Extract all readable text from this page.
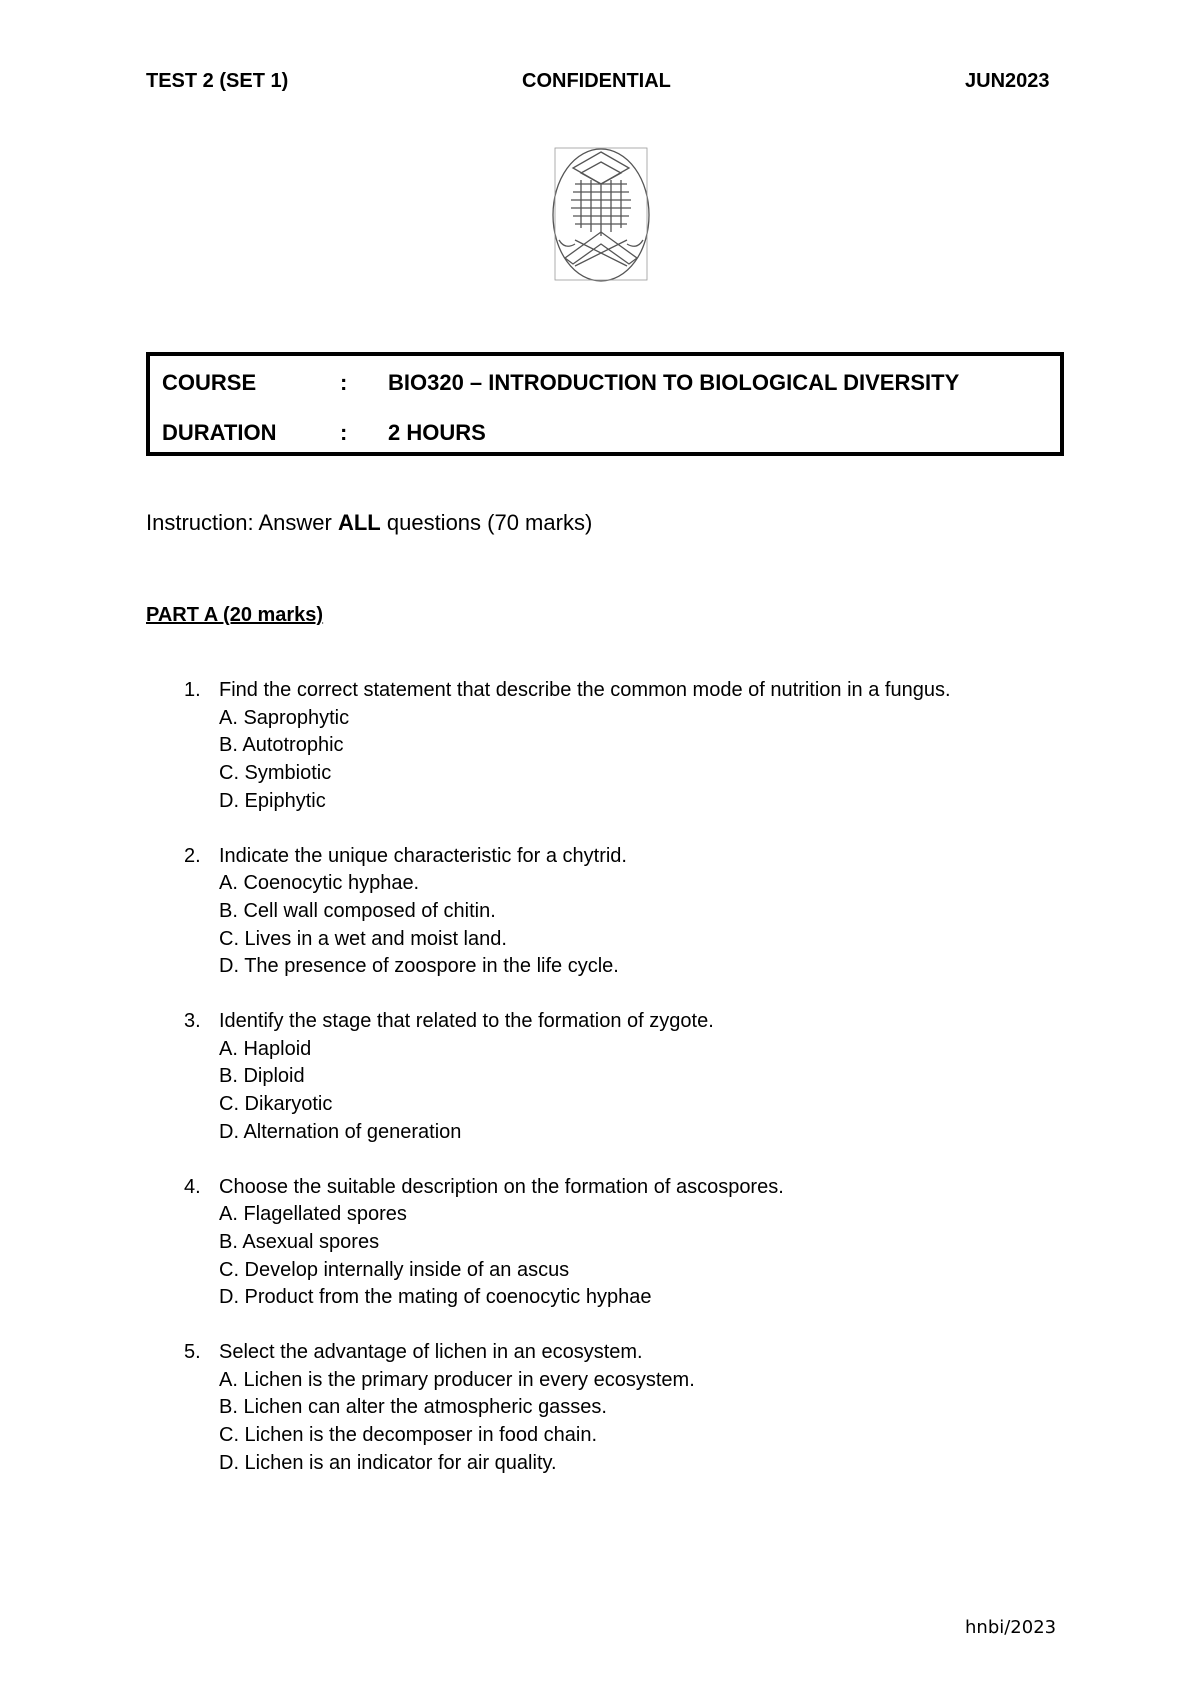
TEST 2 (SET 1)	CONFIDENTIAL	JUN2023
COURSE	: BIO320 – INTRODUCTION TO BIOLOGICAL DIVERSITY
DURATION	: 2 HOURS
Instruction: Answer ALL questions (70 marks)
PART A (20 marks)
1. Find the correct statement that describe the common mode of nutrition in a fungus.
A. Saprophytic
B. Autotrophic
C. Symbiotic
D. Epiphytic
2. Indicate the unique characteristic for a chytrid.
A. Coenocytic hyphae.
B. Cell wall composed of chitin.
C. Lives in a wet and moist land.
D. The presence of zoospore in the life cycle.
3. Identify the stage that related to the formation of zygote.
A. Haploid
B. Diploid
C. Dikaryotic
D. Alternation of generation
4. Choose the suitable description on the formation of ascospores.
A. Flagellated spores
B. Asexual spores
C. Develop internally inside of an ascus
D. Product from the mating of coenocytic hyphae
5. Select the advantage of lichen in an ecosystem.
A. Lichen is the primary producer in every ecosystem.
B. Lichen can alter the atmospheric gasses.
C. Lichen is the decomposer in food chain.
D. Lichen is an indicator for air quality.
hnbi/2023
